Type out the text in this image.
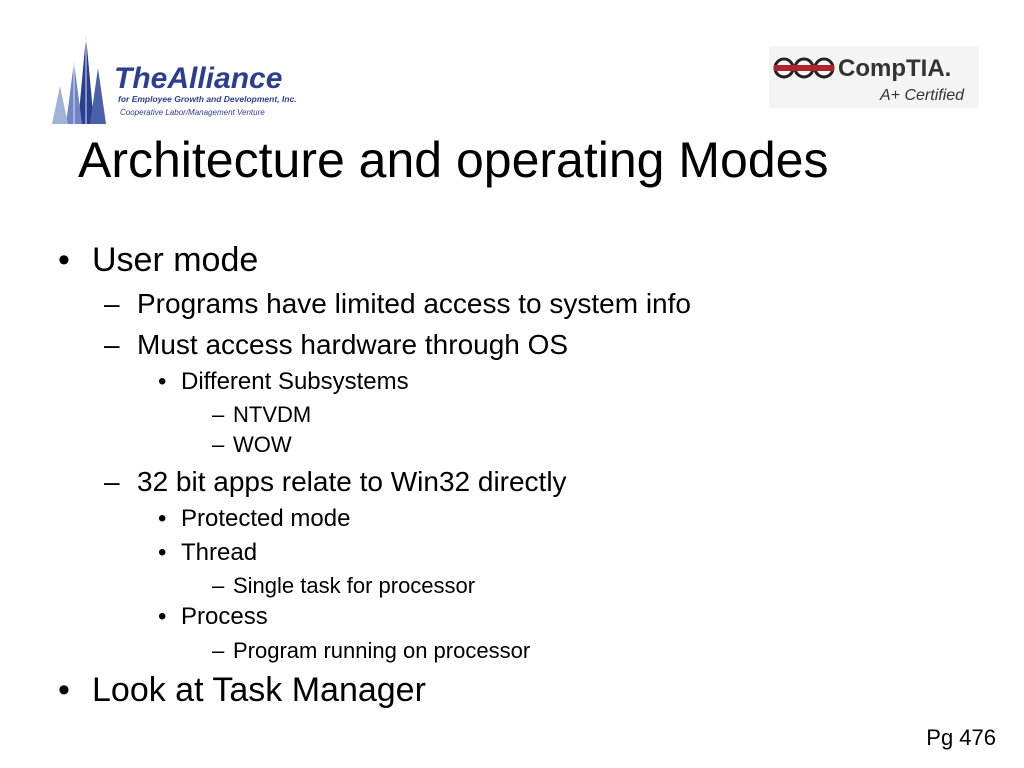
TheAlliance
for Employee Growth and Development, Inc.
Cooperative Labor/Management Venture
CompTIA.
A+ Certified
Architecture and operating Modes
• User mode
– Programs have limited access to system info
– Must access hardware through OS
• Different Subsystems
– NTVDM
– WOW
– 32 bit apps relate to Win32 directly
• Protected mode
• Thread
– Single task for processor
• Process
– Program running on processor
• Look at Task Manager
Pg 476
